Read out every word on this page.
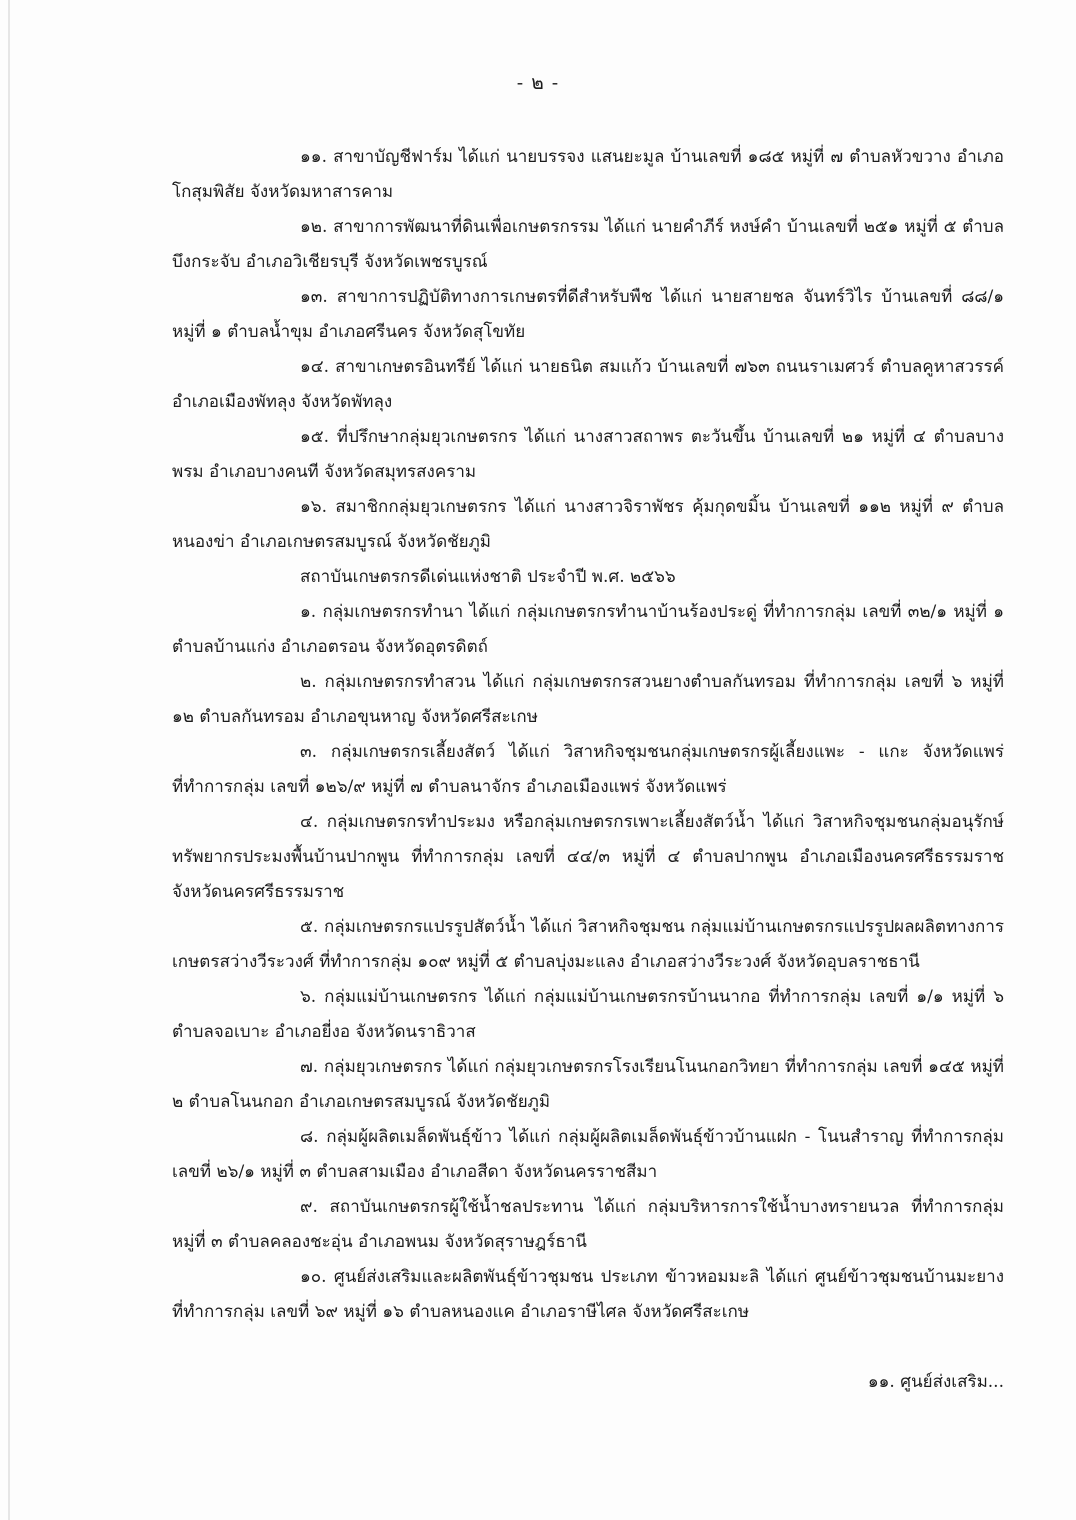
- ๒ -

๑๑. สาขาบัญชีฟาร์ม ได้แก่ นายบรรจง แสนยะมูล บ้านเลขที่ ๑๘๕ หมู่ที่ ๗ ตำบลหัวขวาง อำเภอโกสุมพิสัย จังหวัดมหาสารคาม

๑๒. สาขาการพัฒนาที่ดินเพื่อเกษตรกรรม ได้แก่ นายคำภีร์ หงษ์คำ บ้านเลขที่ ๒๕๑ หมู่ที่ ๕ ตำบลบึงกระจับ อำเภอวิเชียรบุรี จังหวัดเพชรบูรณ์

๑๓. สาขาการปฏิบัติทางการเกษตรที่ดีสำหรับพืช ได้แก่ นายสายชล จันทร์วิไร บ้านเลขที่ ๘๘/๑ หมู่ที่ ๑ ตำบลน้ำขุม อำเภอศรีนคร จังหวัดสุโขทัย

๑๔. สาขาเกษตรอินทรีย์ ได้แก่ นายธนิต สมแก้ว บ้านเลขที่ ๗๖๓ ถนนราเมศวร์ ตำบลคูหาสวรรค์ อำเภอเมืองพัทลุง จังหวัดพัทลุง

๑๕. ที่ปรึกษากลุ่มยุวเกษตรกร ได้แก่ นางสาวสถาพร ตะวันขึ้น บ้านเลขที่ ๒๑ หมู่ที่ ๔ ตำบลบางพรม อำเภอบางคนที จังหวัดสมุทรสงคราม

๑๖. สมาชิกกลุ่มยุวเกษตรกร ได้แก่ นางสาวจิราพัชร คุ้มกุดขมิ้น บ้านเลขที่ ๑๑๒ หมู่ที่ ๙ ตำบลหนองข่า อำเภอเกษตรสมบูรณ์ จังหวัดชัยภูมิ

สถาบันเกษตรกรดีเด่นแห่งชาติ ประจำปี พ.ศ. ๒๕๖๖

๑. กลุ่มเกษตรกรทำนา ได้แก่ กลุ่มเกษตรกรทำนาบ้านร้องประดู่ ที่ทำการกลุ่ม เลขที่ ๓๒/๑ หมู่ที่ ๑ ตำบลบ้านแก่ง อำเภอตรอน จังหวัดอุตรดิตถ์

๒. กลุ่มเกษตรกรทำสวน ได้แก่ กลุ่มเกษตรกรสวนยางตำบลกันทรอม ที่ทำการกลุ่ม เลขที่ ๖ หมู่ที่ ๑๒ ตำบลกันทรอม อำเภอขุนหาญ จังหวัดศรีสะเกษ

๓. กลุ่มเกษตรกรเลี้ยงสัตว์ ได้แก่ วิสาหกิจชุมชนกลุ่มเกษตรกรผู้เลี้ยงแพะ - แกะ จังหวัดแพร่ ที่ทำการกลุ่ม เลขที่ ๑๒๖/๙ หมู่ที่ ๗ ตำบลนาจักร อำเภอเมืองแพร่ จังหวัดแพร่

๔. กลุ่มเกษตรกรทำประมง หรือกลุ่มเกษตรกรเพาะเลี้ยงสัตว์น้ำ ได้แก่ วิสาหกิจชุมชนกลุ่มอนุรักษ์ทรัพยากรประมงพื้นบ้านปากพูน ที่ทำการกลุ่ม เลขที่ ๔๔/๓ หมู่ที่ ๔ ตำบลปากพูน อำเภอเมืองนครศรีธรรมราช จังหวัดนครศรีธรรมราช

๕. กลุ่มเกษตรกรแปรรูปสัตว์น้ำ ได้แก่ วิสาหกิจชุมชน กลุ่มแม่บ้านเกษตรกรแปรรูปผลผลิตทางการเกษตรสว่างวีระวงศ์ ที่ทำการกลุ่ม ๑๐๙ หมู่ที่ ๕ ตำบลบุ่งมะแลง อำเภอสว่างวีระวงศ์ จังหวัดอุบลราชธานี

๖. กลุ่มแม่บ้านเกษตรกร ได้แก่ กลุ่มแม่บ้านเกษตรกรบ้านนากอ ที่ทำการกลุ่ม เลขที่ ๑/๑ หมู่ที่ ๖ ตำบลจอเบาะ อำเภอยี่งอ จังหวัดนราธิวาส

๗. กลุ่มยุวเกษตรกร ได้แก่ กลุ่มยุวเกษตรกรโรงเรียนโนนกอกวิทยา ที่ทำการกลุ่ม เลขที่ ๑๔๕ หมู่ที่ ๒ ตำบลโนนกอก อำเภอเกษตรสมบูรณ์ จังหวัดชัยภูมิ

๘. กลุ่มผู้ผลิตเมล็ดพันธุ์ข้าว ได้แก่ กลุ่มผู้ผลิตเมล็ดพันธุ์ข้าวบ้านแฝก - โนนสำราญ ที่ทำการกลุ่ม เลขที่ ๒๖/๑ หมู่ที่ ๓ ตำบลสามเมือง อำเภอสีดา จังหวัดนครราชสีมา

๙. สถาบันเกษตรกรผู้ใช้น้ำชลประทาน ได้แก่ กลุ่มบริหารการใช้น้ำบางทรายนวล ที่ทำการกลุ่ม หมู่ที่ ๓ ตำบลคลองชะอุ่น อำเภอพนม จังหวัดสุราษฎร์ธานี

๑๐. ศูนย์ส่งเสริมและผลิตพันธุ์ข้าวชุมชน ประเภท ข้าวหอมมะลิ ได้แก่ ศูนย์ข้าวชุมชนบ้านมะยาง ที่ทำการกลุ่ม เลขที่ ๖๙ หมู่ที่ ๑๖ ตำบลหนองแค อำเภอราษีไศล จังหวัดศรีสะเกษ

๑๑. ศูนย์ส่งเสริม...
